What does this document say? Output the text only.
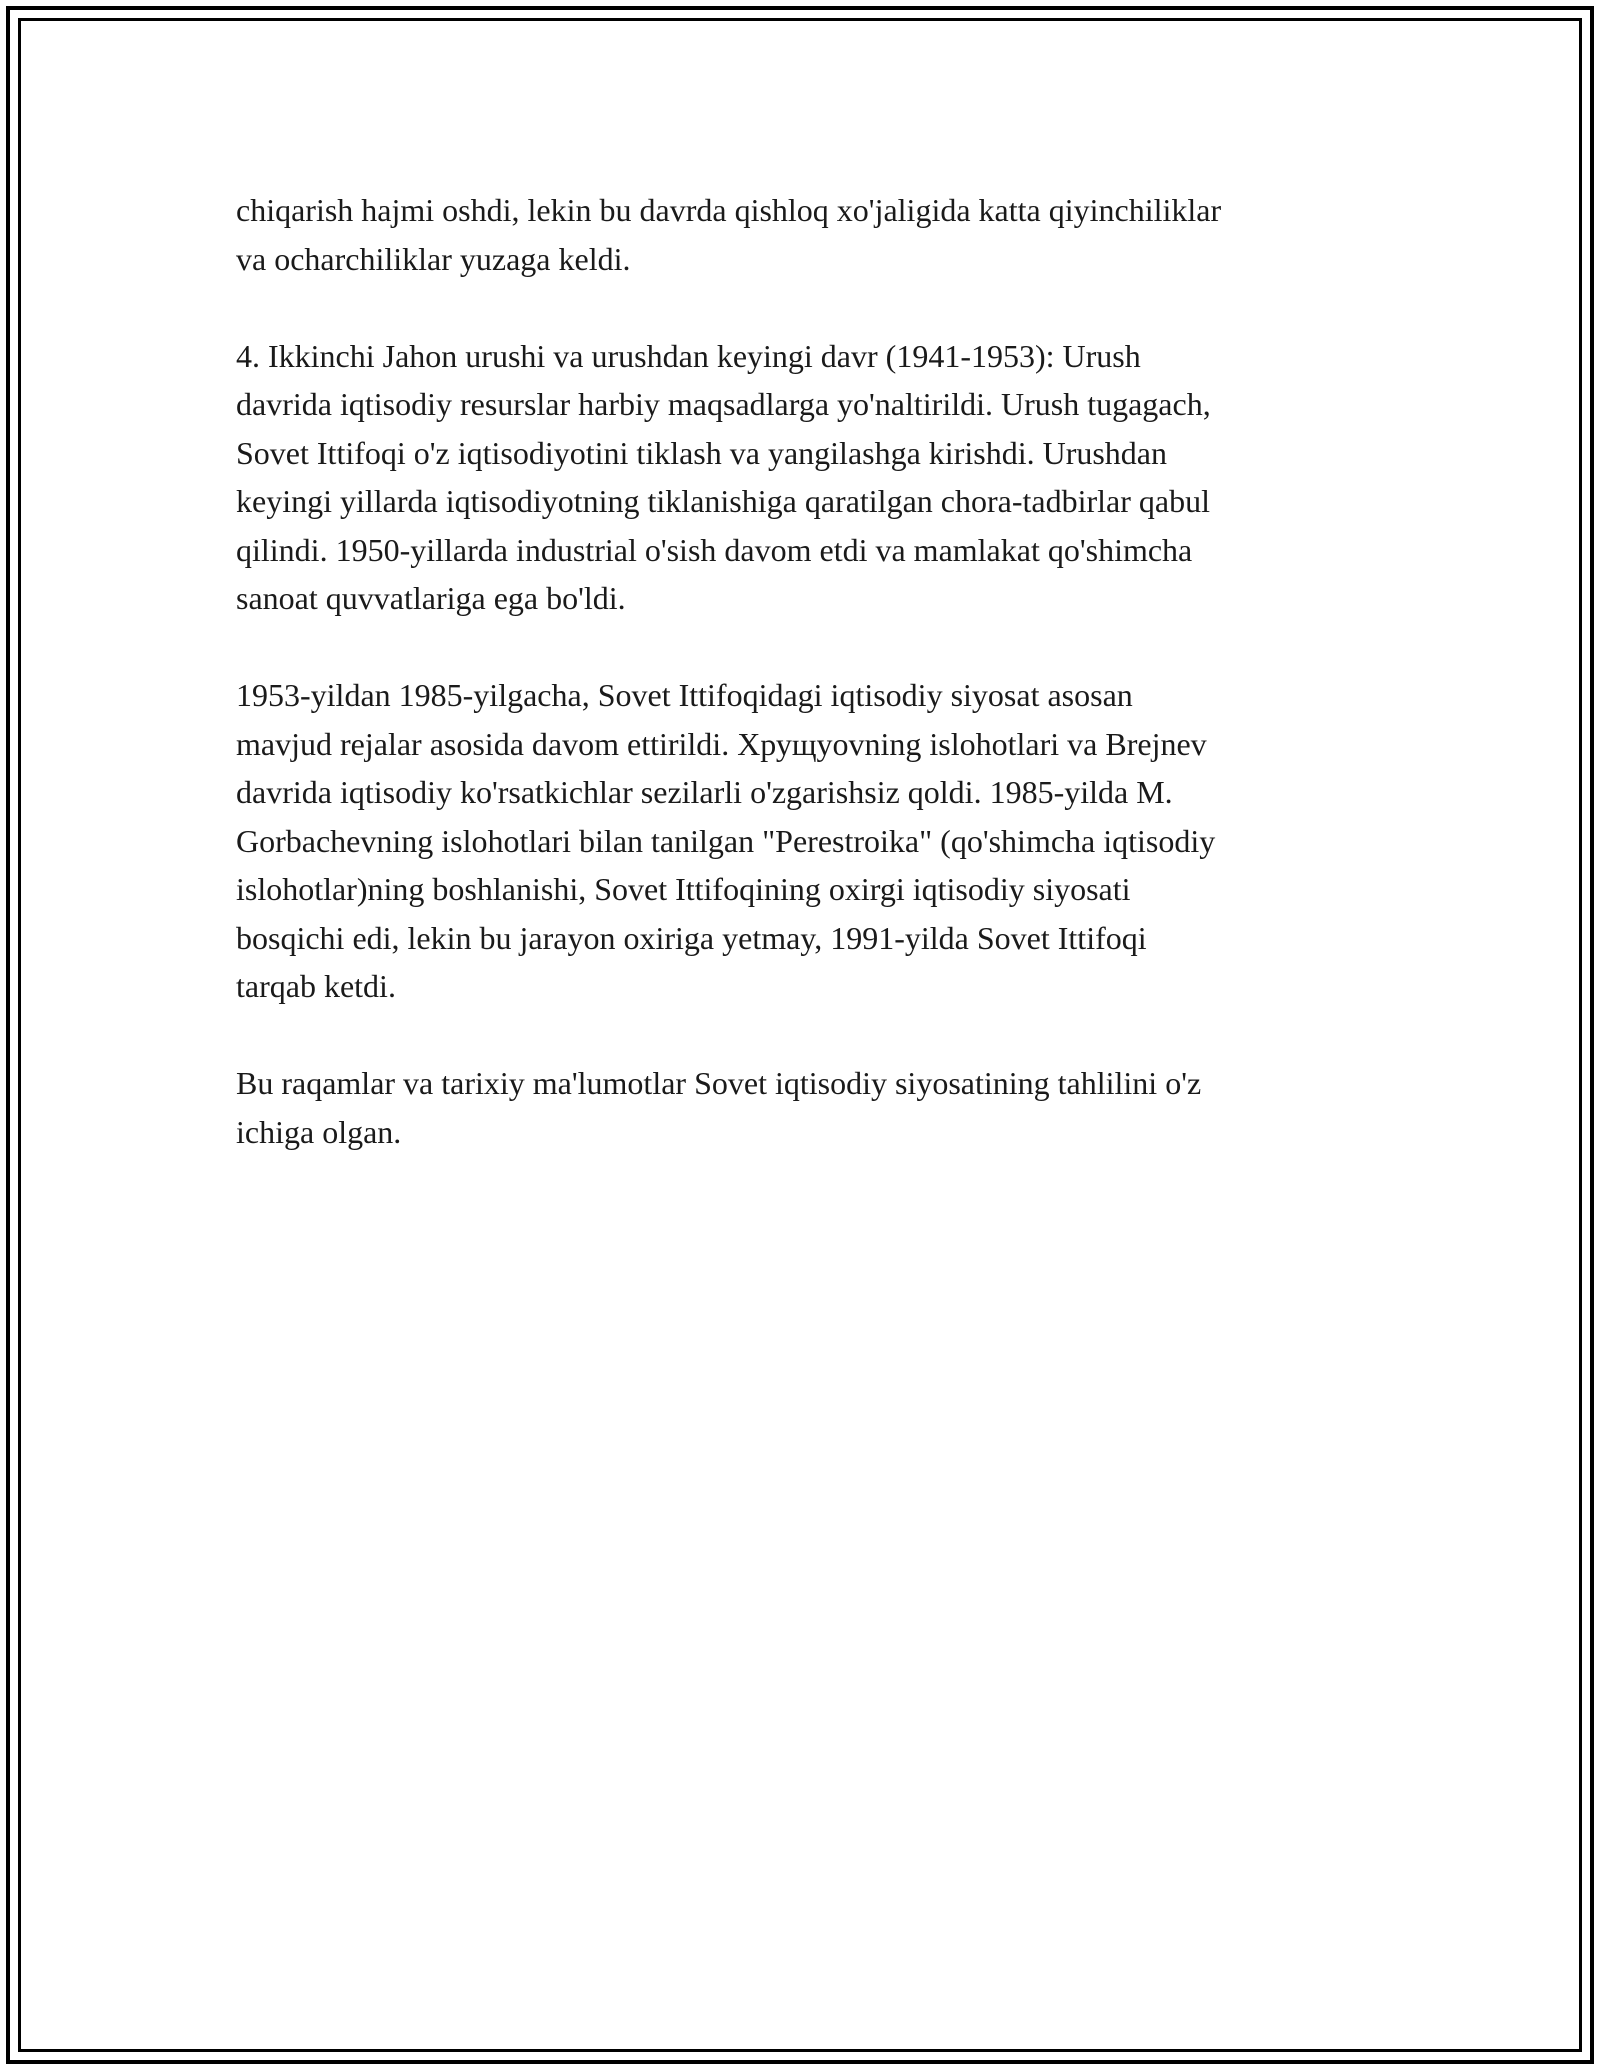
chiqarish hajmi oshdi, lekin bu davrda qishloq xo'jaligida katta qiyinchiliklar
va ocharchiliklar yuzaga keldi.

4. Ikkinchi Jahon urushi va urushdan keyingi davr (1941-1953): Urush
davrida iqtisodiy resurslar harbiy maqsadlarga yo'naltirildi. Urush tugagach,
Sovet Ittifoqi o'z iqtisodiyotini tiklash va yangilashga kirishdi. Urushdan
keyingi yillarda iqtisodiyotning tiklanishiga qaratilgan chora-tadbirlar qabul
qilindi. 1950-yillarda industrial o'sish davom etdi va mamlakat qo'shimcha
sanoat quvvatlariga ega bo'ldi.

1953-yildan 1985-yilgacha, Sovet Ittifoqidagi iqtisodiy siyosat asosan
mavjud rejalar asosida davom ettirildi. Хрущуovning islohotlari va Brejnev
davrida iqtisodiy ko'rsatkichlar sezilarli o'zgarishsiz qoldi. 1985-yilda M.
Gorbachevning islohotlari bilan tanilgan "Perestroika" (qo'shimcha iqtisodiy
islohotlar)ning boshlanishi, Sovet Ittifoqining oxirgi iqtisodiy siyosati
bosqichi edi, lekin bu jarayon oxiriga yetmay, 1991-yilda Sovet Ittifoqi
tarqab ketdi.

Bu raqamlar va tarixiy ma'lumotlar Sovet iqtisodiy siyosatining tahlilini o'z
ichiga olgan.
